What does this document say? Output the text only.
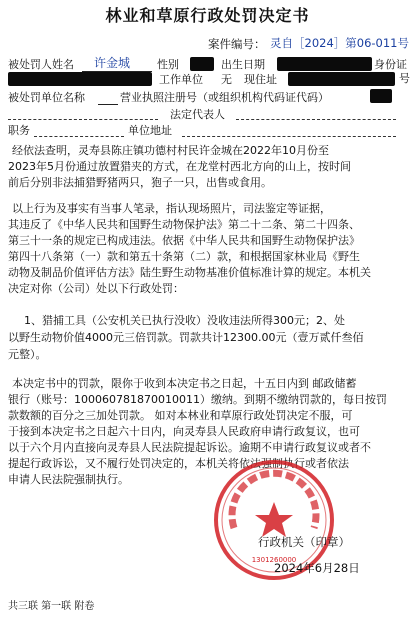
林业和草原行政处罚决定书
案件编号： 灵自［2024］第06-011号
被处罚人姓名 许金城 性别	出生日期	身份证
号
工作单位 无 现住址
被处罚单位名称	营业执照注册号（或组织机构代码证代码）
法定代表人
职务	单位地址
经依法查明，灵寿县陈庄镇功德村村民许金城在2022年10月份至
2023年5月份通过放置猎夹的方式，在龙堂村西北方向的山上，按时间
前后分别非法捕猎野猪两只，狍子一只，出售或食用。
以上行为及事实有当事人笔录，指认现场照片，司法鉴定等证据，
其违反了《中华人民共和国野生动物保护法》第二十二条、第二十四条、
第三十一条的规定已构成违法。依据《中华人民共和国野生动物保护法》
第四十八条第（一）款和第五十条第（二）款，和根据国家林业局《野生
动物及制品价值评估方法》陆生野生动物基准价值标准计算的规定。本机关
决定对你（公司）处以下行政处罚：
1、猎捕工具（公安机关已执行没收）没收违法所得300元；2、处
以野生动物价值4000元三倍罚款。罚款共计12300.00元（壹万贰仟叁佰
元整）。
本决定书中的罚款，限你于收到本决定书之日起，十五日内到 邮政储蓄
银行（账号：100060781870010011）缴纳。到期不缴纳罚款的，每日按罚
款数额的百分之三加处罚款。 如对本林业和草原行政处罚决定不服，可
于接到本决定书之日起六十日内，向灵寿县人民政府申请行政复议，也可
以于六个月内直接向灵寿县人民法院提起诉讼。逾期不申请行政复议或者不
提起行政诉讼，又不履行处罚决定的，本机关将依法强制执行或者依法
申请人民法院强制执行。
1301260000
行政机关（印章）
2024年6月28日
共三联 第一联 附卷
